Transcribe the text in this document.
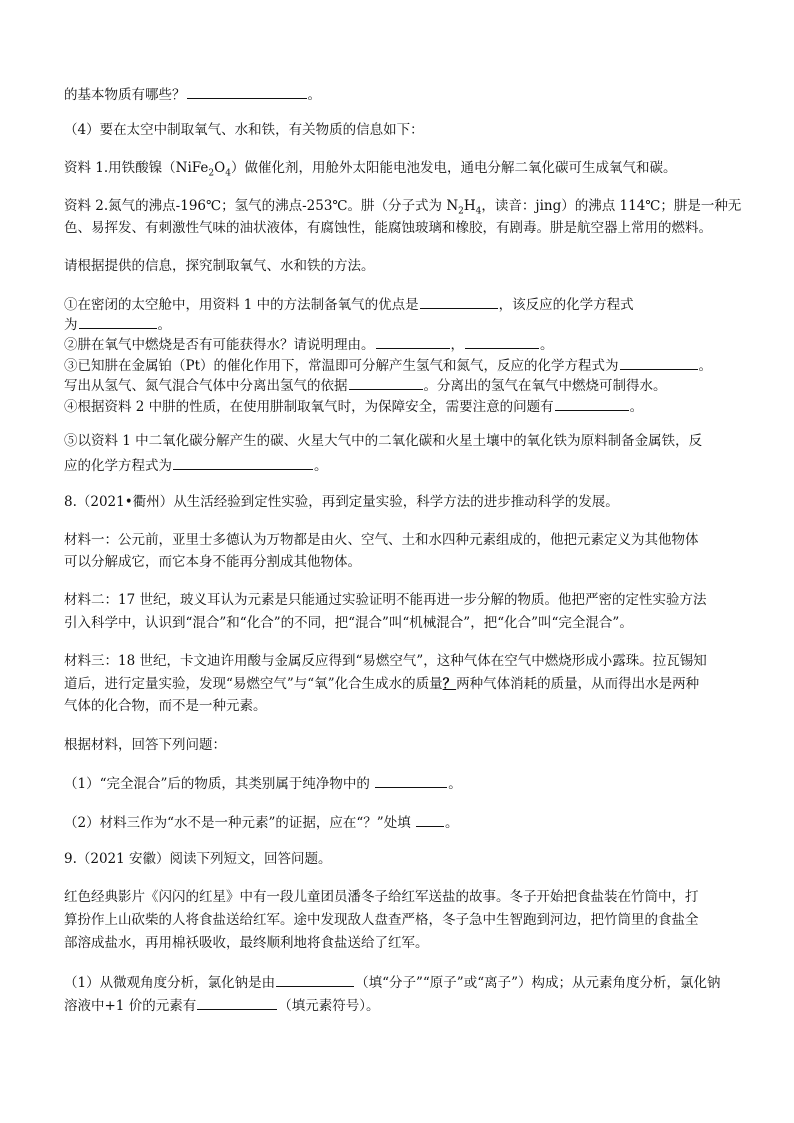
的基本物质有哪些？	。
（4）要在太空中制取氧气、水和铁，有关物质的信息如下：
资料 1.用铁酸镍$(NiFe_2O_4)$做催化剂，用舱外太阳能电池发电，通电分解二氧化碳可生成氧气和碳。
资料 2.氮气的沸点-196℃；氢气的沸点-253℃。肼（分子式为 $N_2H_4$，读音：jing）的沸点 114℃；肼是一种无
色、易挥发、有刺激性气味的油状液体，有腐蚀性，能腐蚀玻璃和橡胶，有剧毒。肼是航空器上常用的燃料。
请根据提供的信息，探究制取氧气、水和铁的方法。
①在密闭的太空舱中，用资料 1 中的方法制备氧气的优点是	，该反应的化学方程式
为	。
②肼在氧气中燃烧是否有可能获得水？请说明理由。	，	。
③已知肼在金属铂（Pt）的催化作用下，常温即可分解产生氢气和氮气，反应的化学方程式为	。
写出从氢气、氮气混合气体中分离出氢气的依据	。分离出的氢气在氧气中燃烧可制得水。
④根据资料 2 中肼的性质，在使用肼制取氧气时，为保障安全，需要注意的问题有	。
⑤以资料 1 中二氧化碳分解产生的碳、火星大气中的二氧化碳和火星土壤中的氧化铁为原料制备金属铁，反
应的化学方程式为	。
8.（2021•衢州）从生活经验到定性实验，再到定量实验，科学方法的进步推动科学的发展。
材料一：公元前，亚里士多德认为万物都是由火、空气、土和水四种元素组成的，他把元素定义为其他物体
可以分解成它，而它本身不能再分割成其他物体。
材料二：17 世纪，玻义耳认为元素是只能通过实验证明不能再进一步分解的物质。他把严密的定性实验方法
引入科学中，认识到“混合”和“化合”的不同，把“混合”叫“机械混合”，把“化合”叫“完全混合”。
材料三：18 世纪，卡文迪许用酸与金属反应得到“易燃空气”，这种气体在空气中燃烧形成小露珠。拉瓦锡知
道后，进行定量实验，发现“易燃空气”与“氧”化合生成水的质量？两种气体消耗的质量，从而得出水是两种
气体的化合物，而不是一种元素。
根据材料，回答下列问题：
（1）“完全混合”后的物质，其类别属于纯净物中的	。
（2）材料三作为“水不是一种元素”的证据，应在“？”处填	。
9.（2021 安徽）阅读下列短文，回答问题。
红色经典影片《闪闪的红星》中有一段儿童团员潘冬子给红军送盐的故事。冬子开始把食盐装在竹筒中，打
算扮作上山砍柴的人将食盐送给红军。途中发现敌人盘查严格，冬子急中生智跑到河边，把竹筒里的食盐全
部溶成盐水，再用棉袄吸收，最终顺利地将食盐送给了红军。
（1）从微观角度分析，氯化钠是由	（填“分子”“原子”或“离子”）构成；从元素角度分析，氯化钠
溶液中+1 价的元素有	（填元素符号）。
